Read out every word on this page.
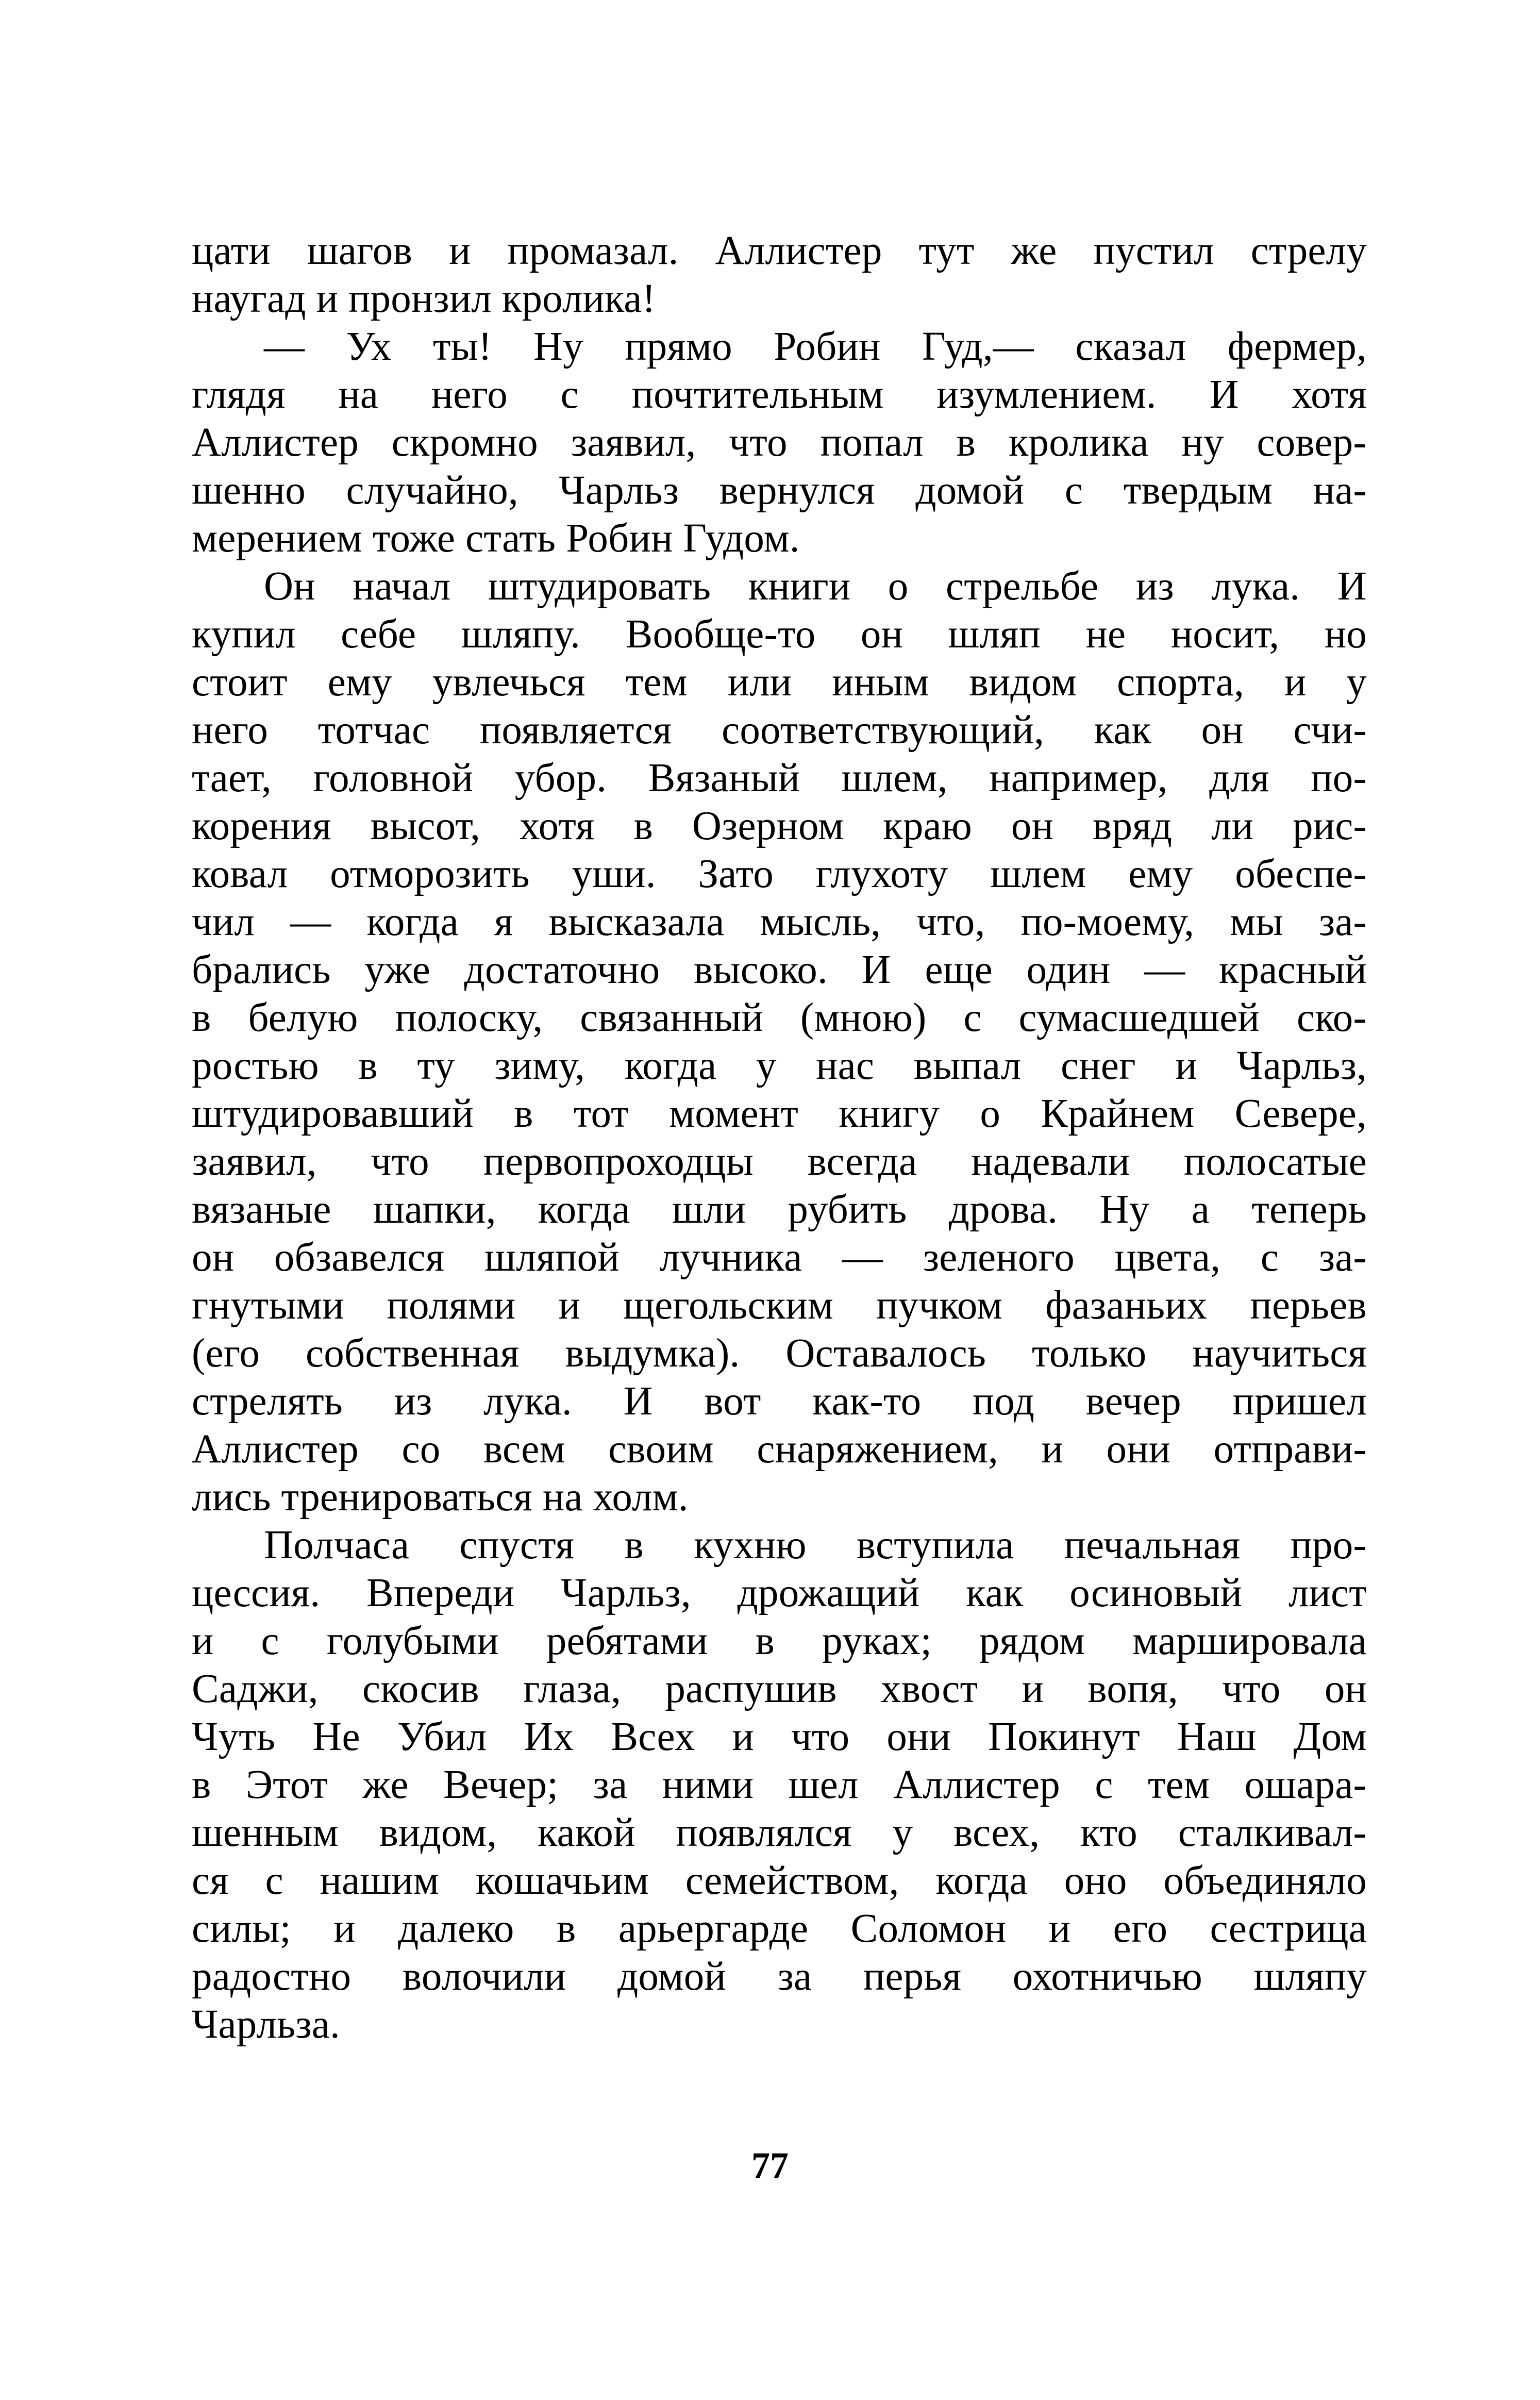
цати шагов и промазал. Аллистер тут же пустил стрелу
наугад и пронзил кролика!
— Ух ты! Ну прямо Робин Гуд,— сказал фермер,
глядя на него с почтительным изумлением. И хотя
Аллистер скромно заявил, что попал в кролика ну совер-
шенно случайно, Чарльз вернулся домой с твердым на-
мерением тоже стать Робин Гудом.
Он начал штудировать книги о стрельбе из лука. И
купил себе шляпу. Вообще-то он шляп не носит, но
стоит ему увлечься тем или иным видом спорта, и у
него тотчас появляется соответствующий, как он счи-
тает, головной убор. Вязаный шлем, например, для по-
корения высот, хотя в Озерном краю он вряд ли рис-
ковал отморозить уши. Зато глухоту шлем ему обеспе-
чил — когда я высказала мысль, что, по-моему, мы за-
брались уже достаточно высоко. И еще один — красный
в белую полоску, связанный (мною) с сумасшедшей ско-
ростью в ту зиму, когда у нас выпал снег и Чарльз,
штудировавший в тот момент книгу о Крайнем Севере,
заявил, что первопроходцы всегда надевали полосатые
вязаные шапки, когда шли рубить дрова. Ну а теперь
он обзавелся шляпой лучника — зеленого цвета, с за-
гнутыми полями и щегольским пучком фазаньих перьев
(его собственная выдумка). Оставалось только научиться
стрелять из лука. И вот как-то под вечер пришел
Аллистер со всем своим снаряжением, и они отправи-
лись тренироваться на холм.
Полчаса спустя в кухню вступила печальная про-
цессия. Впереди Чарльз, дрожащий как осиновый лист
и с голубыми ребятами в руках; рядом маршировала
Саджи, скосив глаза, распушив хвост и вопя, что он
Чуть Не Убил Их Всех и что они Покинут Наш Дом
в Этот же Вечер; за ними шел Аллистер с тем ошара-
шенным видом, какой появлялся у всех, кто сталкивал-
ся с нашим кошачьим семейством, когда оно объединяло
силы; и далеко в арьергарде Соломон и его сестрица
радостно волочили домой за перья охотничью шляпу
Чарльза.
77
